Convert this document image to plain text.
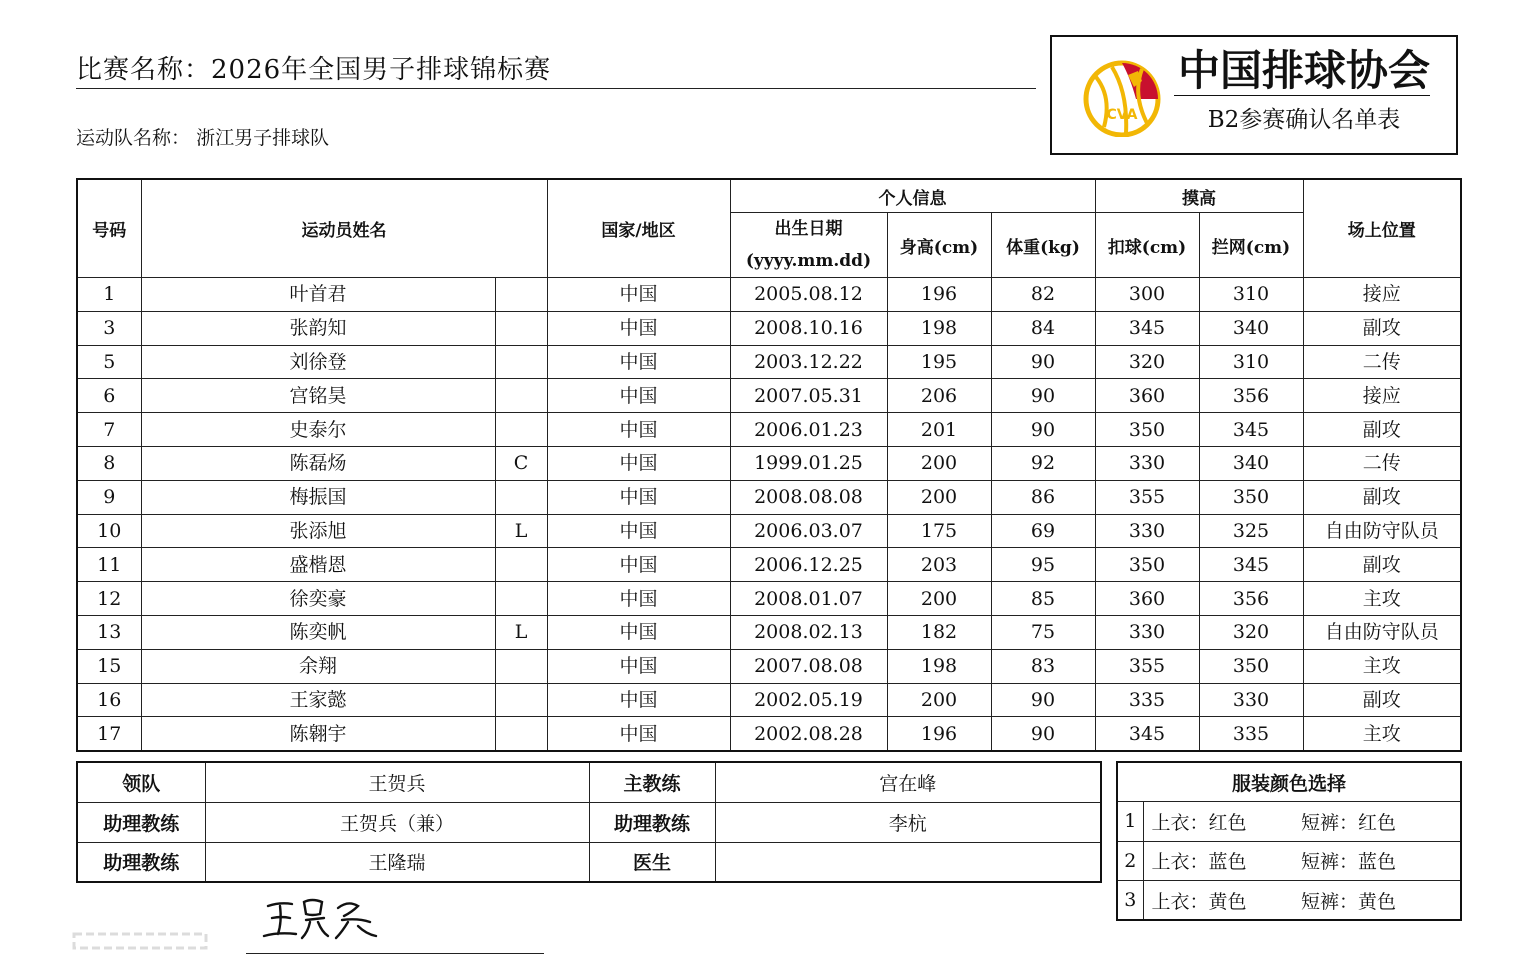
比赛名称：2026年全国男子排球锦标赛
运动队名称： 浙江男子排球队
CVA
中国排球协会
B2参赛确认名单表
号码	运动员姓名		国家/地区	个人信息			摸高		场上位置

				出生日期
(yyyy.mm.dd)	身高(cm)	体重(kg)	扣球(cm)	拦网(cm)	
1	叶首君		中国	2005.08.12	196	82	300	310	接应
3	张韵知		中国	2008.10.16	198	84	345	340	副攻
5	刘徐登		中国	2003.12.22	195	90	320	310	二传
6	宫铭昊		中国	2007.05.31	206	90	360	356	接应
7	史泰尔		中国	2006.01.23	201	90	350	345	副攻
8	陈磊炀	C	中国	1999.01.25	200	92	330	340	二传
9	梅振国		中国	2008.08.08	200	86	355	350	副攻
10	张添旭	L	中国	2006.03.07	175	69	330	325	自由防守队员
11	盛楷恩		中国	2006.12.25	203	95	350	345	副攻
12	徐奕豪		中国	2008.01.07	200	85	360	356	主攻
13	陈奕帆	L	中国	2008.02.13	182	75	330	320	自由防守队员
15	余翔		中国	2007.08.08	198	83	355	350	主攻
16	王家懿		中国	2002.05.19	200	90	335	330	副攻
17	陈翱宇		中国	2002.08.28	196	90	345	335	主攻
领队	王贺兵	主教练	宫在峰
助理教练	王贺兵（兼）	助理教练	李杭
助理教练	王隆瑞	医生	
服装颜色选择		
1	上衣：红色	短裤：红色
2	上衣：蓝色	短裤：蓝色
3	上衣：黄色	短裤：黄色
